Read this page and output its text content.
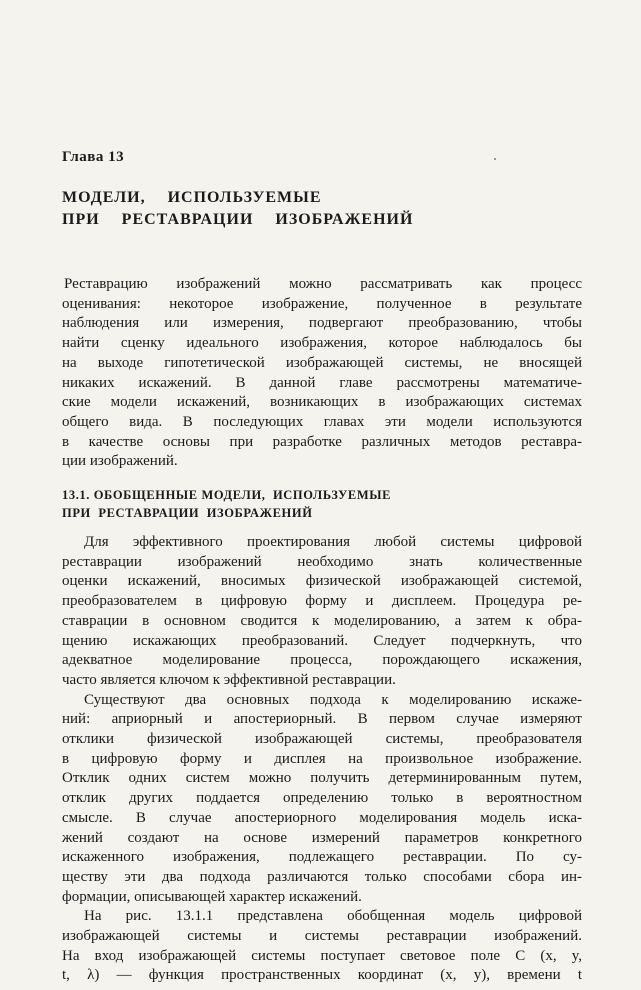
Глава 13
МОДЕЛИ,  ИСПОЛЬЗУЕМЫЕ
ПРИ  РЕСТАВРАЦИИ  ИЗОБРАЖЕНИЙ

Реставрацию изображений можно рассматривать как процесс
оценивания: некоторое изображение, полученное в результате
наблюдения или измерения, подвергают преобразованию, чтобы
найти сценку идеального изображения, которое наблюдалось бы
на выходе гипотетической изображающей системы, не вносящей
никаких искажений. В данной главе рассмотрены математиче-
ские модели искажений, возникающих в изображающих системах
общего вида. В последующих главах эти модели используются
в качестве основы при разработке различных методов реставра-
ции изображений.

13.1. ОБОБЩЕННЫЕ МОДЕЛИ,  ИСПОЛЬЗУЕМЫЕ
ПРИ  РЕСТАВРАЦИИ  ИЗОБРАЖЕНИЙ

Для эффективного проектирования любой системы цифровой
реставрации изображений необходимо знать количественные
оценки искажений, вносимых физической изображающей системой,
преобразователем в цифровую форму и дисплеем. Процедура ре-
ставрации в основном сводится к моделированию, а затем к обра-
щению искажающих преобразований. Следует подчеркнуть, что
адекватное моделирование процесса, порождающего искажения,
часто является ключом к эффективной реставрации.

Существуют два основных подхода к моделированию искаже-
ний: априорный и апостериорный. В первом случае измеряют
отклики физической изображающей системы, преобразователя
в цифровую форму и дисплея на произвольное изображение.
Отклик одних систем можно получить детерминированным путем,
отклик других поддается определению только в вероятностном
смысле. В случае апостериорного моделирования модель иска-
жений создают на основе измерений параметров конкретного
искаженного изображения, подлежащего реставрации. По су-
ществу эти два подхода различаются только способами сбора ин-
формации, описывающей характер искажений.

На рис. 13.1.1 представлена обобщенная модель цифровой
изображающей системы и системы реставрации изображений.
На вход изображающей системы поступает световое поле C (x, y,
t, λ) — функция пространственных координат (x, y), времени t
